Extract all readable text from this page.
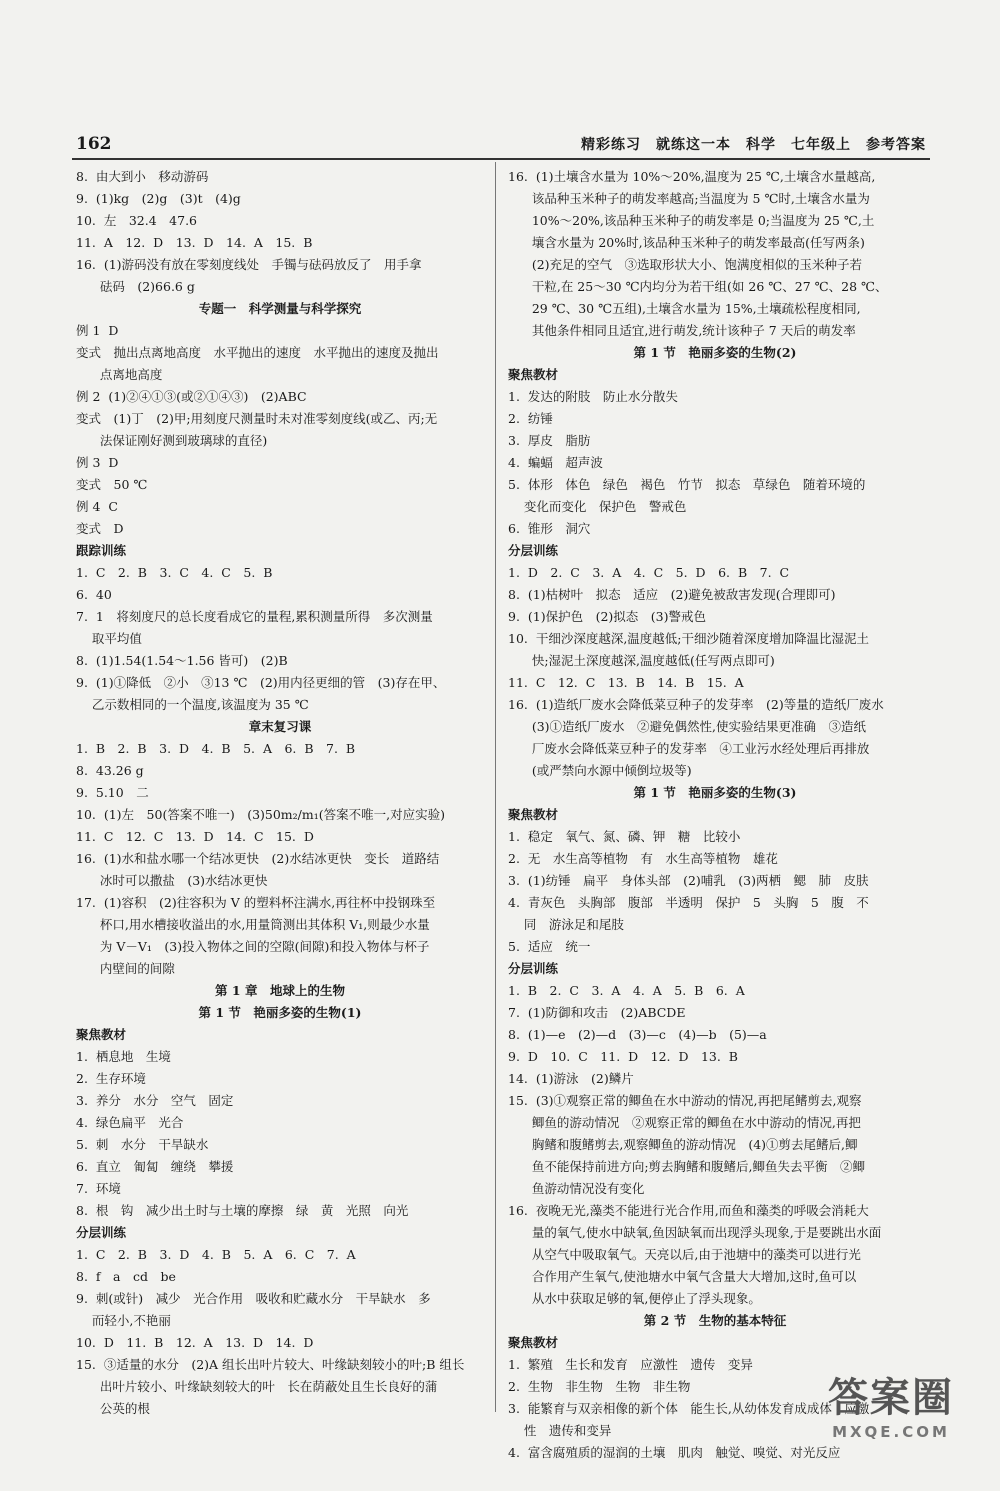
162	精彩练习　就练这一本　科学　七年级上　参考答案
8.  由大到小　移动游码
9.  (1)kg　(2)g　(3)t　(4)g
10.  左　32.4　47.6
11.  A　12.  D　13.  D　14.  A　15.  B
16.  (1)游码没有放在零刻度线处　手镯与砝码放反了　用手拿
砝码　(2)66.6 g
专题一　科学测量与科学探究
例 1  D
变式　抛出点离地高度　水平抛出的速度　水平抛出的速度及抛出
点离地高度
例 2  (1)②④①③(或②①④③)　(2)ABC
变式　(1)丁　(2)甲;用刻度尺测量时未对准零刻度线(或乙、丙;无
法保证刚好测到玻璃球的直径)
例 3  D
变式　50 ℃
例 4  C
变式　D
跟踪训练
1.  C　2.  B　3.  C　4.  C　5.  B
6.  40
7.  1　将刻度尺的总长度看成它的量程,累积测量所得　多次测量
取平均值
8.  (1)1.54(1.54～1.56 皆可)　(2)B
9.  (1)①降低　②小　③13 ℃　(2)用内径更细的管　(3)存在甲、
乙示数相同的一个温度,该温度为 35 ℃
章末复习课
1.  B　2.  B　3.  D　4.  B　5.  A　6.  B　7.  B
8.  43.26 g
9.  5.10　二
10.  (1)左　50(答案不唯一)　(3)50m₂/m₁(答案不唯一,对应实验)
11.  C　12.  C　13.  D　14.  C　15.  D
16.  (1)水和盐水哪一个结冰更快　(2)水结冰更快　变长　道路结
冰时可以撒盐　(3)水结冰更快
17.  (1)容积　(2)往容积为 V 的塑料杯注满水,再往杯中投钢珠至
杯口,用水槽接收溢出的水,用量筒测出其体积 V₁,则最少水量
为 V－V₁　(3)投入物体之间的空隙(间隙)和投入物体与杯子
内壁间的间隙
第 1 章　地球上的生物
第 1 节　艳丽多姿的生物(1)
聚焦教材
1.  栖息地　生境
2.  生存环境
3.  养分　水分　空气　固定
4.  绿色扁平　光合
5.  刺　水分　干旱缺水
6.  直立　匍匐　缠绕　攀援
7.  环境
8.  根　钩　减少出土时与土壤的摩擦　绿　黄　光照　向光
分层训练
1.  C　2.  B　3.  D　4.  B　5.  A　6.  C　7.  A
8.  f　a　cd　be
9.  刺(或针)　减少　光合作用　吸收和贮藏水分　干旱缺水　多
而轻小,不艳丽
10.  D　11.  B　12.  A　13.  D　14.  D
15.  ③适量的水分　(2)A 组长出叶片较大、叶缘缺刻较小的叶;B 组长
出叶片较小、叶缘缺刻较大的叶　长在荫蔽处且生长良好的蒲
公英的根
16.  (1)土壤含水量为 10%～20%,温度为 25 ℃,土壤含水量越高,
该品种玉米种子的萌发率越高;当温度为 5 ℃时,土壤含水量为
10%～20%,该品种玉米种子的萌发率是 0;当温度为 25 ℃,土
壤含水量为 20%时,该品种玉米种子的萌发率最高(任写两条)
(2)充足的空气　③选取形状大小、饱满度相似的玉米种子若
干粒,在 25～30 ℃内均分为若干组(如 26 ℃、27 ℃、28 ℃、
29 ℃、30 ℃五组),土壤含水量为 15%,土壤疏松程度相同,
其他条件相同且适宜,进行萌发,统计该种子 7 天后的萌发率
第 1 节　艳丽多姿的生物(2)
聚焦教材
1.  发达的附肢　防止水分散失
2.  纺锤
3.  厚皮　脂肪
4.  蝙蝠　超声波
5.  体形　体色　绿色　褐色　竹节　拟态　草绿色　随着环境的
变化而变化　保护色　警戒色
6.  锥形　洞穴
分层训练
1.  D　2.  C　3.  A　4.  C　5.  D　6.  B　7.  C
8.  (1)枯树叶　拟态　适应　(2)避免被敌害发现(合理即可)
9.  (1)保护色　(2)拟态　(3)警戒色
10.  干细沙深度越深,温度越低;干细沙随着深度增加降温比湿泥土
快;湿泥土深度越深,温度越低(任写两点即可)
11.  C　12.  C　13.  B　14.  B　15.  A
16.  (1)造纸厂废水会降低菜豆种子的发芽率　(2)等量的造纸厂废水
(3)①造纸厂废水　②避免偶然性,使实验结果更准确　③造纸
厂废水会降低菜豆种子的发芽率　④工业污水经处理后再排放
(或严禁向水源中倾倒垃圾等)
第 1 节　艳丽多姿的生物(3)
聚焦教材
1.  稳定　氧气、氮、磷、钾　糖　比较小
2.  无　水生高等植物　有　水生高等植物　雄花
3.  (1)纺锤　扁平　身体头部　(2)哺乳　(3)两栖　鳃　肺　皮肤
4.  青灰色　头胸部　腹部　半透明　保护　5　头胸　5　腹　不
同　游泳足和尾肢
5.  适应　统一
分层训练
1.  B　2.  C　3.  A　4.  A　5.  B　6.  A
7.  (1)防御和攻击　(2)ABCDE
8.  (1)—e　(2)—d　(3)—c　(4)—b　(5)—a
9.  D　10.  C　11.  D　12.  D　13.  B
14.  (1)游泳　(2)鳞片
15.  (3)①观察正常的鲫鱼在水中游动的情况,再把尾鳍剪去,观察
鲫鱼的游动情况　②观察正常的鲫鱼在水中游动的情况,再把
胸鳍和腹鳍剪去,观察鲫鱼的游动情况　(4)①剪去尾鳍后,鲫
鱼不能保持前进方向;剪去胸鳍和腹鳍后,鲫鱼失去平衡　②鲫
鱼游动情况没有变化
16.  夜晚无光,藻类不能进行光合作用,而鱼和藻类的呼吸会消耗大
量的氧气,使水中缺氧,鱼因缺氧而出现浮头现象,于是要跳出水面
从空气中吸取氧气。天亮以后,由于池塘中的藻类可以进行光
合作用产生氧气,使池塘水中氧气含量大大增加,这时,鱼可以
从水中获取足够的氧,便停止了浮头现象。
第 2 节　生物的基本特征
聚焦教材
1.  繁殖　生长和发育　应激性　遗传　变异
2.  生物　非生物　生物　非生物
3.  能繁育与双亲相像的新个体　能生长,从幼体发育成成体　应激
性　遗传和变异
4.  富含腐殖质的湿润的土壤　肌肉　触觉、嗅觉、对光反应
答案圈
MXQE.COM
